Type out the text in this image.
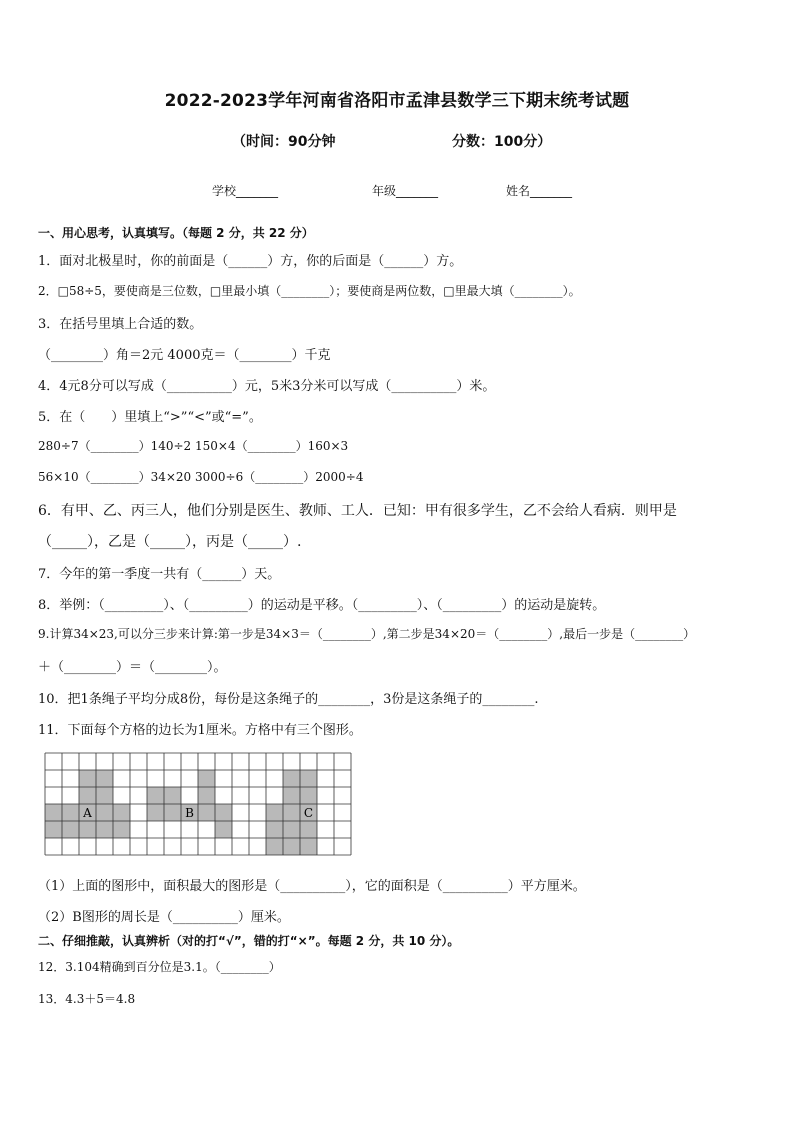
2022-2023学年河南省洛阳市孟津县数学三下期末统考试题
（时间：90分钟	分数：100分）
学校_______	年级_______	姓名_______
一、用心思考，认真填写。（每题 2 分，共 22 分）
1．面对北极星时，你的前面是（______）方，你的后面是（______）方。
2．□58÷5，要使商是三位数，□里最小填（________）；要使商是两位数，□里最大填（________）。
3．在括号里填上合适的数。
（________）角＝2元 4000克＝（________）千克
4．4元8分可以写成（__________）元，5米3分米可以写成（__________）米。
5．在（　　）里填上“>”“<”或“=”。
280÷7（________）140÷2 150×4（________）160×3
56×10（________）34×20 3000÷6（________）2000÷4
6．有甲、乙、丙三人，他们分别是医生、教师、工人．已知：甲有很多学生，乙不会给人看病．则甲是
（_____），乙是（_____），丙是（_____）.
7．今年的第一季度一共有（______）天。
8．举例：（_________）、（_________）的运动是平移。（_________）、（_________）的运动是旋转。
9.计算34×23,可以分三步来计算:第一步是34×3＝（________）,第二步是34×20＝（________）,最后一步是（________）
＋（________）＝（________）。
10．把1条绳子平均分成8份，每份是这条绳子的________，3份是这条绳子的________.
11．下面每个方格的边长为1厘米。方格中有三个图形。
A	B	C
（1）上面的图形中，面积最大的图形是（__________），它的面积是（__________）平方厘米。
（2）B图形的周长是（__________）厘米。
二、仔细推敲，认真辨析（对的打“√”，错的打“×”。每题 2 分，共 10 分）。
12．3.104精确到百分位是3.1。（________）
13．4.3＋5＝4.8
